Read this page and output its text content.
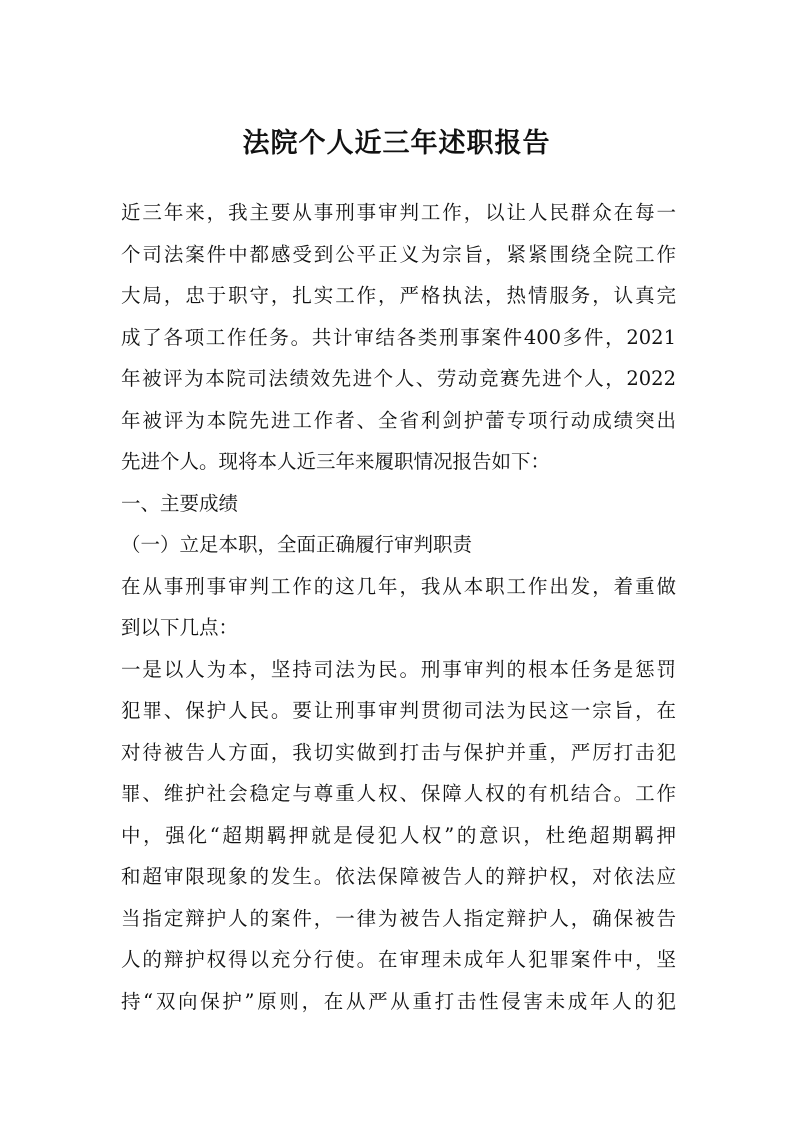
法院个人近三年述职报告
近三年来，我主要从事刑事审判工作，以让人民群众在每一
个司法案件中都感受到公平正义为宗旨，紧紧围绕全院工作
大局，忠于职守，扎实工作，严格执法，热情服务，认真完
成了各项工作任务。共计审结各类刑事案件400多件，2021
年被评为本院司法绩效先进个人、劳动竞赛先进个人，2022
年被评为本院先进工作者、全省利剑护蕾专项行动成绩突出
先进个人。现将本人近三年来履职情况报告如下：
一、主要成绩
（一）立足本职，全面正确履行审判职责
在从事刑事审判工作的这几年，我从本职工作出发，着重做
到以下几点：
一是以人为本，坚持司法为民。刑事审判的根本任务是惩罚
犯罪、保护人民。要让刑事审判贯彻司法为民这一宗旨，在
对待被告人方面，我切实做到打击与保护并重，严厉打击犯
罪、维护社会稳定与尊重人权、保障人权的有机结合。工作
中，强化“超期羁押就是侵犯人权”的意识，杜绝超期羁押
和超审限现象的发生。依法保障被告人的辩护权，对依法应
当指定辩护人的案件，一律为被告人指定辩护人，确保被告
人的辩护权得以充分行使。在审理未成年人犯罪案件中，坚
持“双向保护”原则，在从严从重打击性侵害未成年人的犯
